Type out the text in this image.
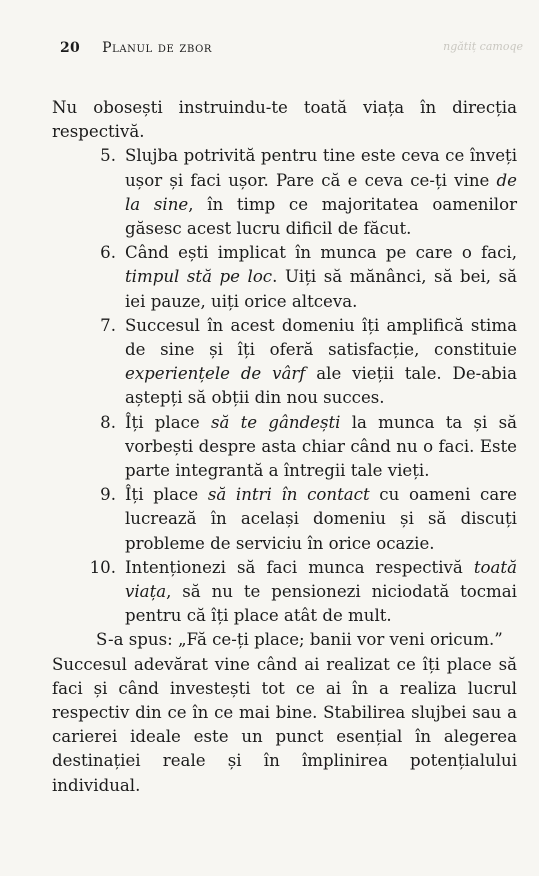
20 Planul de zbor	ngătiț camoqe

Nu obosești instruindu-te toată viața în direcția respectivă.

5. Slujba potrivită pentru tine este ceva ce înveți ușor și faci ușor. Pare că e ceva ce-ți vine de la sine, în timp ce majoritatea oamenilor găsesc acest lucru dificil de făcut.
6. Când ești implicat în munca pe care o faci, timpul stă pe loc. Uiți să mănânci, să bei, să iei pauze, uiți orice altceva.
7. Succesul în acest domeniu îți amplifică stima de sine și îți oferă satisfacție, constituie experiențele de vârf ale vieții tale. De-abia aștepți să obții din nou succes.
8. Îți place să te gândești la munca ta și să vorbești despre asta chiar când nu o faci. Este parte integrantă a întregii tale vieți.
9. Îți place să intri în contact cu oameni care lucrează în același domeniu și să discuți probleme de serviciu în orice ocazie.
10. Intenționezi să faci munca respectivă toată viața, să nu te pensionezi niciodată tocmai pentru că îți place atât de mult.

S-a spus: „Fă ce-ți place; banii vor veni oricum.”

Succesul adevărat vine când ai realizat ce îți place să faci și când investești tot ce ai în a realiza lucrul respectiv din ce în ce mai bine. Stabilirea slujbei sau a carierei ideale este un punct esențial în alegerea destinației reale și în împlinirea potențialului individual.
